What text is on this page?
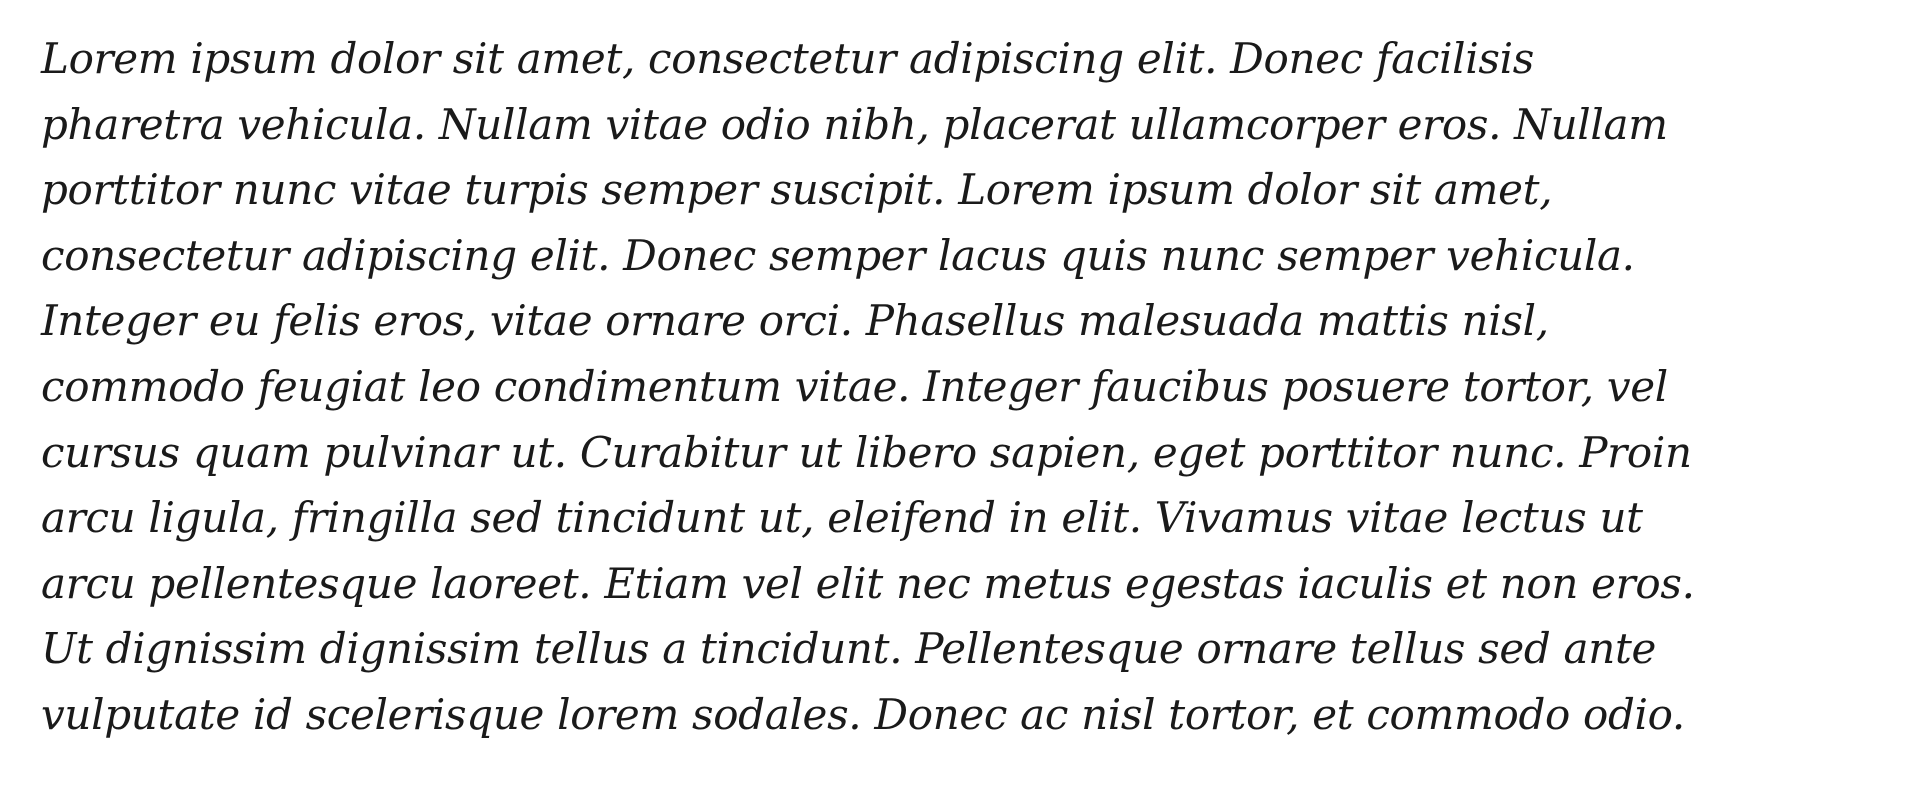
Lorem ipsum dolor sit amet, consectetur adipiscing elit. Donec facilisis
pharetra vehicula. Nullam vitae odio nibh, placerat ullamcorper eros. Nullam
porttitor nunc vitae turpis semper suscipit. Lorem ipsum dolor sit amet,
consectetur adipiscing elit. Donec semper lacus quis nunc semper vehicula.
Integer eu felis eros, vitae ornare orci. Phasellus malesuada mattis nisl,
commodo feugiat leo condimentum vitae. Integer faucibus posuere tortor, vel
cursus quam pulvinar ut. Curabitur ut libero sapien, eget porttitor nunc. Proin
arcu ligula, fringilla sed tincidunt ut, eleifend in elit. Vivamus vitae lectus ut
arcu pellentesque laoreet. Etiam vel elit nec metus egestas iaculis et non eros.
Ut dignissim dignissim tellus a tincidunt. Pellentesque ornare tellus sed ante
vulputate id scelerisque lorem sodales. Donec ac nisl tortor, et commodo odio.
